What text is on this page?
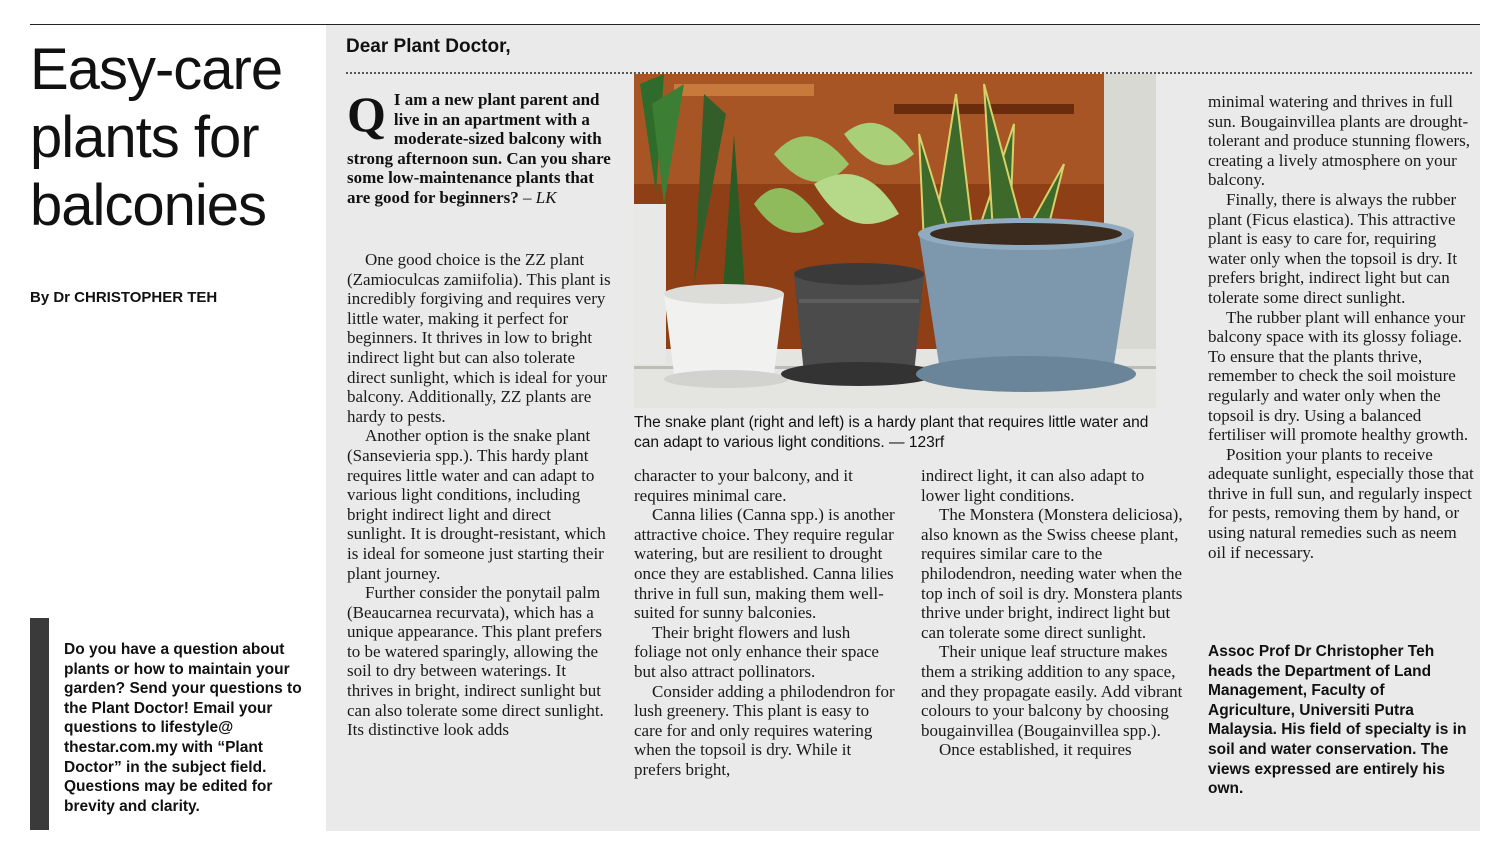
Easy-care
plants for
balconies
By Dr CHRISTOPHER TEH
Do you have a question about plants or how to maintain your garden? Send your questions to the Plant Doctor! Email your questions to lifestyle@ thestar.com.my with “Plant Doctor” in the subject field. Questions may be edited for brevity and clarity.
Dear Plant Doctor,
Q I am a new plant parent and live in an apartment with a moderate-sized balcony with strong afternoon sun. Can you share some low-maintenance plants that are good for beginners? – LK
The snake plant (right and left) is a hardy plant that requires little water and can adapt to various light conditions. — 123rf

One good choice is the ZZ plant (Zamioculcas zamiifolia). This plant is incredibly forgiving and requires very little water, making it perfect for beginners. It thrives in low to bright indirect light but can also tolerate direct sunlight, which is ideal for your balcony. Additionally, ZZ plants are hardy to pests.

Another option is the snake plant (Sansevieria spp.). This hardy plant requires little water and can adapt to various light conditions, including bright indirect light and direct sunlight. It is drought-resistant, which is ideal for someone just starting their plant journey.

Further consider the ponytail palm (Beaucarnea recurvata), which has a unique appearance. This plant prefers to be watered sparingly, allowing the soil to dry between waterings. It thrives in bright, indirect sunlight but can also tolerate some direct sunlight. Its distinctive look adds

character to your balcony, and it requires minimal care.

Canna lilies (Canna spp.) is another attractive choice. They require regular watering, but are resilient to drought once they are established. Canna lilies thrive in full sun, making them well-suited for sunny balconies.

Their bright flowers and lush foliage not only enhance their space but also attract pollinators.

Consider adding a philodendron for lush greenery. This plant is easy to care for and only requires watering when the topsoil is dry. While it prefers bright,

indirect light, it can also adapt to lower light conditions.

The Monstera (Monstera deliciosa), also known as the Swiss cheese plant, requires similar care to the philodendron, needing water when the top inch of soil is dry. Monstera plants thrive under bright, indirect light but can tolerate some direct sunlight.

Their unique leaf structure makes them a striking addition to any space, and they propagate easily. Add vibrant colours to your balcony by choosing bougainvillea (Bougainvillea spp.).

Once established, it requires

minimal watering and thrives in full sun. Bougainvillea plants are drought-tolerant and produce stunning flowers, creating a lively atmosphere on your balcony.

Finally, there is always the rubber plant (Ficus elastica). This attractive plant is easy to care for, requiring water only when the topsoil is dry. It prefers bright, indirect light but can tolerate some direct sunlight.

The rubber plant will enhance your balcony space with its glossy foliage. To ensure that the plants thrive, remember to check the soil moisture regularly and water only when the topsoil is dry. Using a balanced fertiliser will promote healthy growth.

Position your plants to receive adequate sunlight, especially those that thrive in full sun, and regularly inspect for pests, removing them by hand, or using natural remedies such as neem oil if necessary.

Assoc Prof Dr Christopher Teh heads the Department of Land Management, Faculty of Agriculture, Universiti Putra Malaysia. His field of specialty is in soil and water conservation. The views expressed are entirely his own.
